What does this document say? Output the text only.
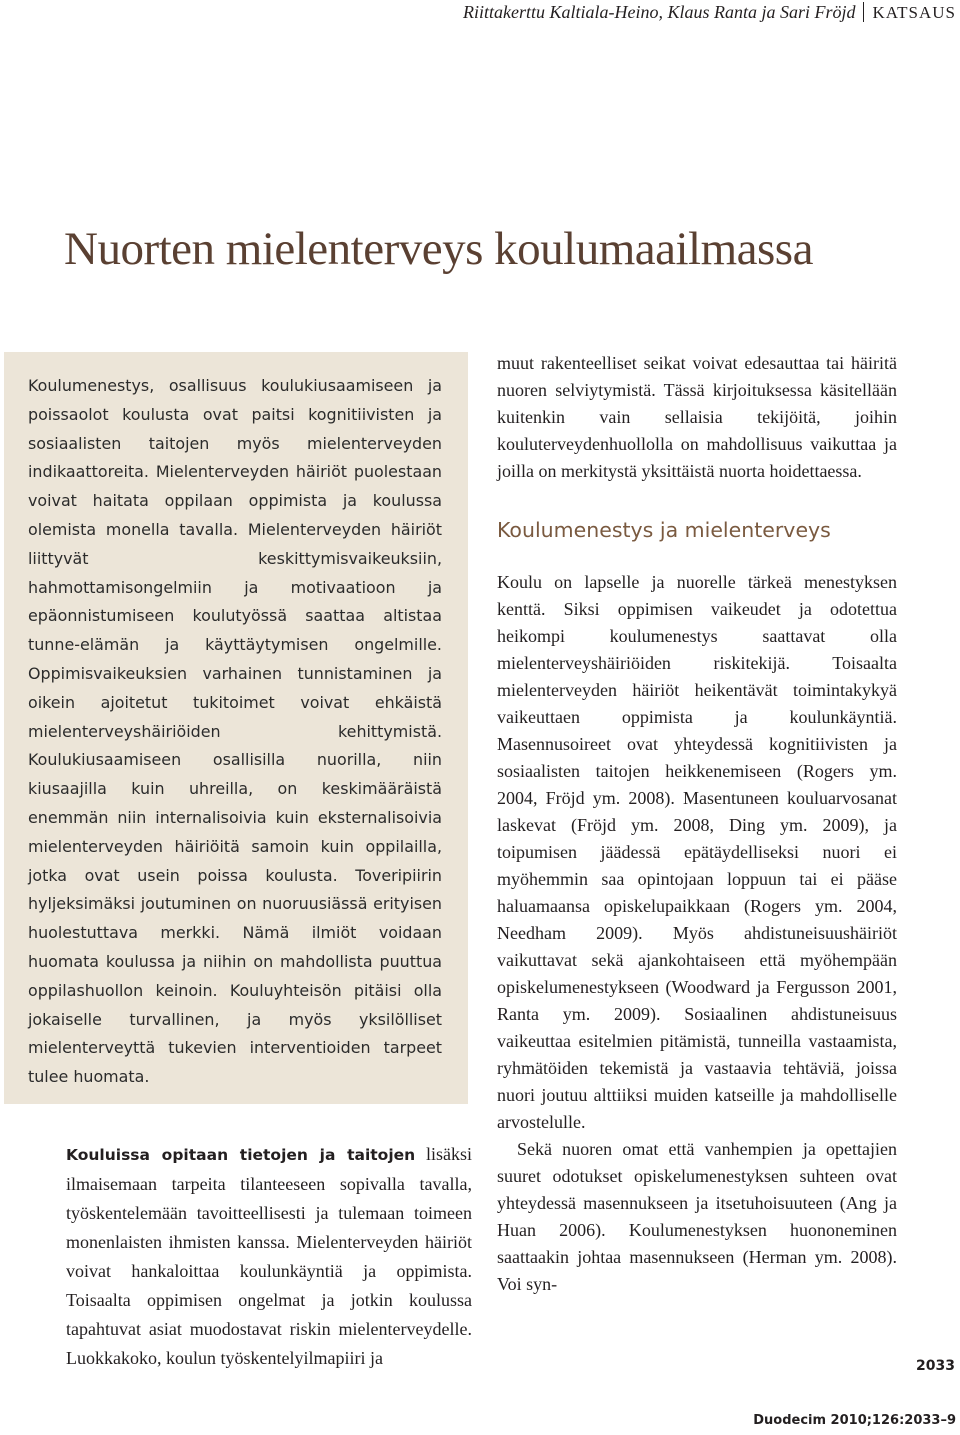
Riittakerttu Kaltiala-Heino, Klaus Ranta ja Sari Fröjd KATSAUS
Nuorten mielenterveys koulumaailmassa
Koulumenestys, osallisuus koulukiusaamiseen ja poissaolot koulusta ovat paitsi kognitiivisten ja sosiaalisten taitojen myös mielenterveyden indikaattoreita. Mielenterveyden häiriöt puolestaan voivat haitata oppilaan oppimista ja koulussa olemista monella tavalla. Mielenterveyden häiriöt liittyvät keskittymisvaikeuksiin, hahmottamisongelmiin ja motivaatioon ja epäonnistumiseen koulutyössä saattaa altistaa tunne-elämän ja käyttäytymisen ongelmille. Oppimisvaikeuksien varhainen tunnistaminen ja oikein ajoitetut tukitoimet voivat ehkäistä mielenterveyshäiriöiden kehittymistä. Koulukiusaamiseen osallisilla nuorilla, niin kiusaajilla kuin uhreilla, on keskimääräistä enemmän niin internalisoivia kuin eksternalisoivia mielenterveyden häiriöitä samoin kuin oppilailla, jotka ovat usein poissa koulusta. Toveripiirin hyljeksimäksi joutuminen on nuoruusiässä erityisen huolestuttava merkki. Nämä ilmiöt voidaan huomata koulussa ja niihin on mahdollista puuttua oppilashuollon keinoin. Kouluyhteisön pitäisi olla jokaiselle turvallinen, ja myös yksilölliset mielenterveyttä tukevien interventioiden tarpeet tulee huomata.
Kouluissa opitaan tietojen ja taitojen lisäksi ilmaisemaan tarpeita tilanteeseen sopivalla tavalla, työskentelemään tavoitteellisesti ja tulemaan toimeen monenlaisten ihmisten kanssa. Mielenterveyden häiriöt voivat hankaloittaa koulunkäyntiä ja oppimista. Toisaalta oppimisen ongelmat ja jotkin koulussa tapahtuvat asiat muodostavat riskin mielenterveydelle. Luokkakoko, koulun työskentelyilmapiiri ja

muut rakenteelliset seikat voivat edesauttaa tai häiritä nuoren selviytymistä. Tässä kirjoituksessa käsitellään kuitenkin vain sellaisia tekijöitä, joihin kouluterveydenhuollolla on mahdollisuus vaikuttaa ja joilla on merkitystä yksittäistä nuorta hoidettaessa.

Koulumenestys ja mielenterveys

Koulu on lapselle ja nuorelle tärkeä menestyksen kenttä. Siksi oppimisen vaikeudet ja odotettua heikompi koulumenestys saattavat olla mielenterveyshäiriöiden riskitekijä. Toisaalta mielenterveyden häiriöt heikentävät toimintakykyä vaikeuttaen oppimista ja koulunkäyntiä. Masennusoireet ovat yhteydessä kognitiivisten ja sosiaalisten taitojen heikkenemiseen (Rogers ym. 2004, Fröjd ym. 2008). Masentuneen kouluarvosanat laskevat (Fröjd ym. 2008, Ding ym. 2009), ja toipumisen jäädessä epätäydelliseksi nuori ei myöhemmin saa opintojaan loppuun tai ei pääse haluamaansa opiskelupaikkaan (Rogers ym. 2004, Needham 2009). Myös ahdistuneisuushäiriöt vaikuttavat sekä ajankohtaiseen että myöhempään opiskelumenestykseen (Woodward ja Fergusson 2001, Ranta ym. 2009). Sosiaalinen ahdistuneisuus vaikeuttaa esitelmien pitämistä, tunneilla vastaamista, ryhmätöiden tekemistä ja vastaavia tehtäviä, joissa nuori joutuu alttiiksi muiden katseille ja mahdolliselle arvostelulle.

Sekä nuoren omat että vanhempien ja opettajien suuret odotukset opiskelumenestyksen suhteen ovat yhteydessä masennukseen ja itsetuhoisuuteen (Ang ja Huan 2006). Koulumenestyksen huononeminen saattaakin johtaa masennukseen (Herman ym. 2008). Voi syn-

2033
Duodecim 2010;126:2033–9
